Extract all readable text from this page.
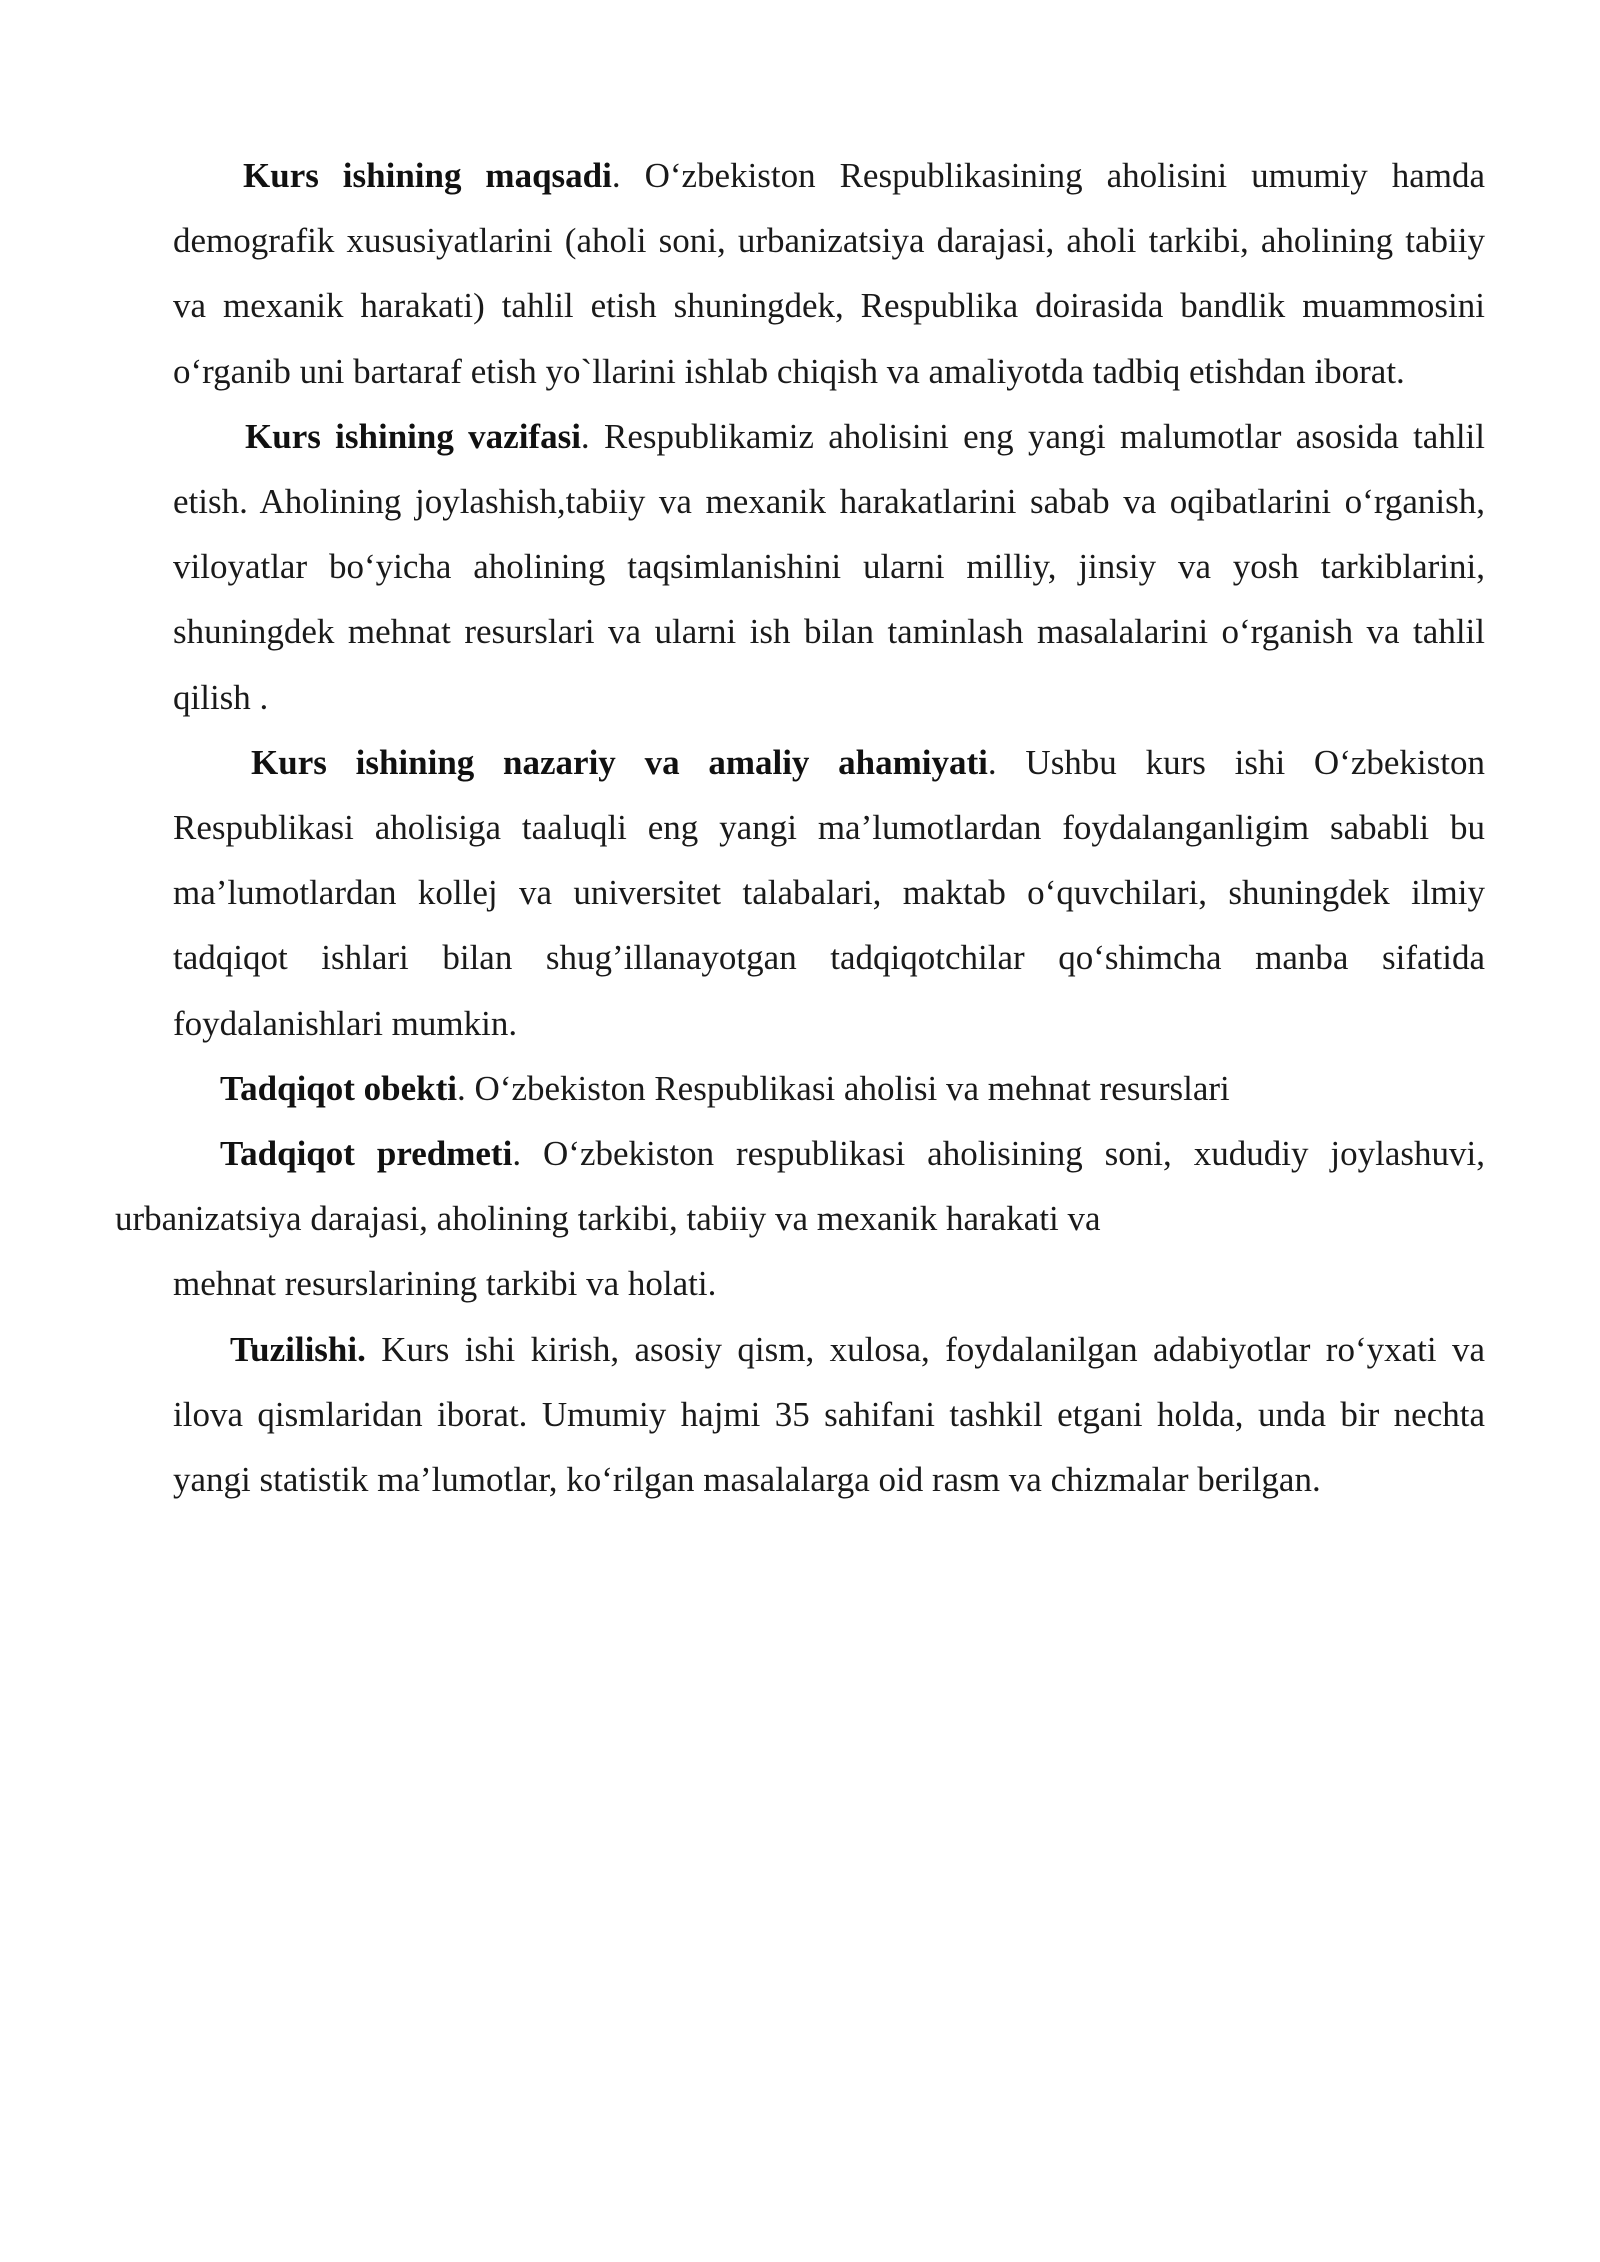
Kurs ishining maqsadi. O‘zbekiston Respublikasining aholisini umumiy hamda demografik xususiyatlarini (aholi soni, urbanizatsiya darajasi, aholi tarkibi, aholining tabiiy va mexanik harakati) tahlil etish shuningdek, Respublika doirasida bandlik muammosini o‘rganib uni bartaraf etish yo`llarini ishlab chiqish va amaliyotda tadbiq etishdan iborat.

Kurs ishining vazifasi. Respublikamiz aholisini eng yangi malumotlar asosida tahlil etish. Aholining joylashish,tabiiy va mexanik harakatlarini sabab va oqibatlarini o‘rganish, viloyatlar bo‘yicha aholining taqsimlanishini ularni milliy, jinsiy va yosh tarkiblarini, shuningdek mehnat resurslari va ularni ish bilan taminlash masalalarini o‘rganish va tahlil qilish .

Kurs ishining nazariy va amaliy ahamiyati. Ushbu kurs ishi O‘zbekiston Respublikasi aholisiga taaluqli eng yangi ma’lumotlardan foydalanganligim sababli bu ma’lumotlardan kollej va universitet talabalari, maktab o‘quvchilari, shuningdek ilmiy tadqiqot ishlari bilan shug’illanayotgan tadqiqotchilar qo‘shimcha manba sifatida foydalanishlari mumkin.

Tadqiqot obekti. O‘zbekiston Respublikasi aholisi va mehnat resurslari

Tadqiqot predmeti. O‘zbekiston respublikasi aholisining soni, xududiy joylashuvi,
urbanizatsiya darajasi, aholining tarkibi, tabiiy va mexanik harakati va
mehnat resurslarining tarkibi va holati.

Tuzilishi. Kurs ishi kirish, asosiy qism, xulosa, foydalanilgan adabiyotlar ro‘yxati va ilova qismlaridan iborat. Umumiy hajmi 35 sahifani tashkil etgani holda, unda bir nechta yangi statistik ma’lumotlar, ko‘rilgan masalalarga oid rasm va chizmalar berilgan.
